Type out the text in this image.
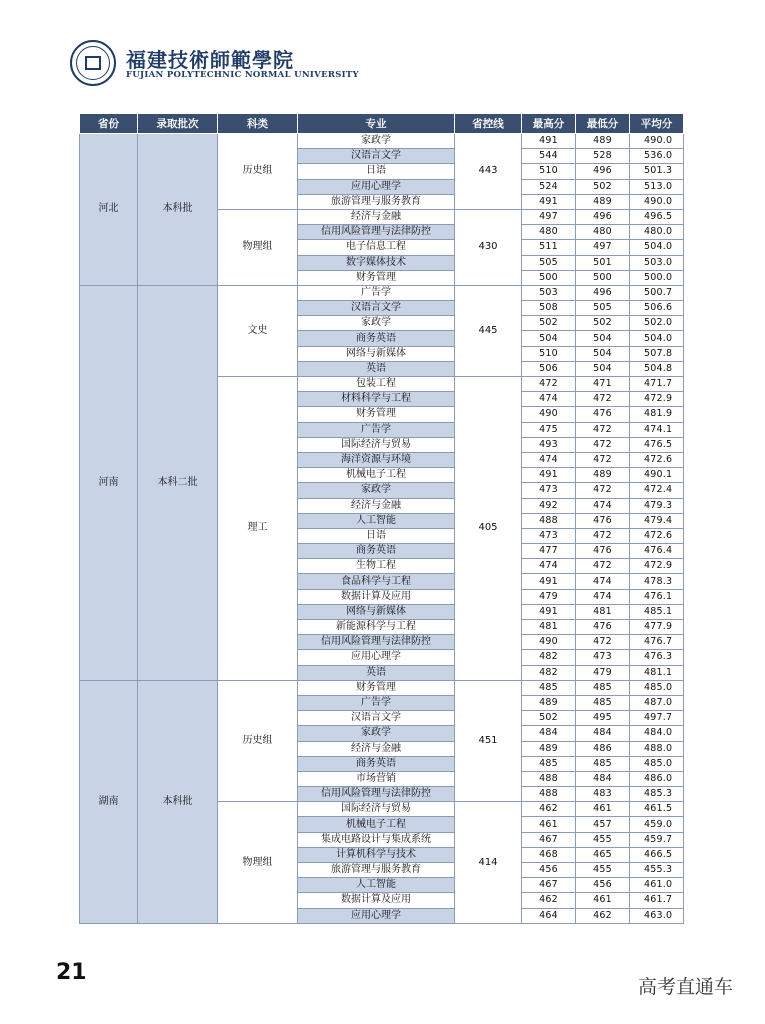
福建技術師範學院
FUJIAN POLYTECHNIC NORMAL UNIVERSITY
省份	录取批次	科类	专业	省控线	最高分	最低分	平均分
河北	本科批	历史组	家政学	443	491	489	490.0
			汉语言文学		544	528	536.0
			日语		510	496	501.3
			应用心理学		524	502	513.0
			旅游管理与服务教育		491	489	490.0
		物理组	经济与金融	430	497	496	496.5
			信用风险管理与法律防控		480	480	480.0
			电子信息工程		511	497	504.0
			数字媒体技术		505	501	503.0
			财务管理		500	500	500.0
河南	本科二批	文史	广告学	445	503	496	500.7
			汉语言文学		508	505	506.6
			家政学		502	502	502.0
			商务英语		504	504	504.0
			网络与新媒体		510	504	507.8
			英语		506	504	504.8
		理工	包装工程	405	472	471	471.7
			材料科学与工程		474	472	472.9
			财务管理		490	476	481.9
			广告学		475	472	474.1
			国际经济与贸易		493	472	476.5
			海洋资源与环境		474	472	472.6
			机械电子工程		491	489	490.1
			家政学		473	472	472.4
			经济与金融		492	474	479.3
			人工智能		488	476	479.4
			日语		473	472	472.6
			商务英语		477	476	476.4
			生物工程		474	472	472.9
			食品科学与工程		491	474	478.3
			数据计算及应用		479	474	476.1
			网络与新媒体		491	481	485.1
			新能源科学与工程		481	476	477.9
			信用风险管理与法律防控		490	472	476.7
			应用心理学		482	473	476.3
			英语		482	479	481.1
湖南	本科批	历史组	财务管理	451	485	485	485.0
			广告学		489	485	487.0
			汉语言文学		502	495	497.7
			家政学		484	484	484.0
			经济与金融		489	486	488.0
			商务英语		485	485	485.0
			市场营销		488	484	486.0
			信用风险管理与法律防控		488	483	485.3
		物理组	国际经济与贸易	414	462	461	461.5
			机械电子工程		461	457	459.0
			集成电路设计与集成系统		467	455	459.7
			计算机科学与技术		468	465	466.5
			旅游管理与服务教育		456	455	455.3
			人工智能		467	456	461.0
			数据计算及应用		462	461	461.7
			应用心理学		464	462	463.0
21
高考直通车
